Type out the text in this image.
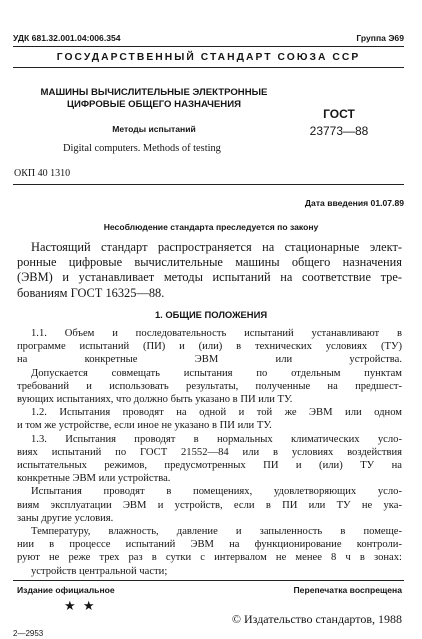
УДК 681.32.001.04:006.354	Группа Э69
ГОСУДАРСТВЕННЫЙ СТАНДАРТ СОЮЗА ССР
МАШИНЫ ВЫЧИСЛИТЕЛЬНЫЕ ЭЛЕКТРОННЫЕ
ЦИФРОВЫЕ ОБЩЕГО НАЗНАЧЕНИЯ
Методы испытаний
Digital computers. Methods of testing
ГОСТ
23773—88
ОКП 40 1310
Дата введения 01.07.89
Несоблюдение стандарта преследуется по закону

Настоящий стандарт распространяется на стационарные элект-

ронные цифровые вычислительные машины общего назначения

(ЭВМ) и устанавливает методы испытаний на соответствие тре-

бованиям ГОСТ 16325—88.

1. ОБЩИЕ ПОЛОЖЕНИЯ

1.1. Объем и последовательность испытаний устанавливают в

программе испытаний (ПИ) и (или) в технических условиях (ТУ)

на конкретные ЭВМ или устройства.

Допускается совмещать испытания по отдельным пунктам

требований и использовать результаты, полученные на предшест-

вующих испытаниях, что должно быть указано в ПИ или ТУ.

1.2. Испытания проводят на одной и той же ЭВМ или одном

и том же устройстве, если иное не указано в ПИ или ТУ.

1.3. Испытания проводят в нормальных климатических усло-

виях испытаний по ГОСТ 21552—84 или в условиях воздействия

испытательных режимов, предусмотренных ПИ и (или) ТУ на

конкретные ЭВМ или устройства.

Испытания проводят в помещениях, удовлетворяющих усло-

виям эксплуатации ЭВМ и устройств, если в ПИ или ТУ не ука-

заны другие условия.

Температуру, влажность, давление и запыленность в помеще-

нии в процессе испытаний ЭВМ на функционирование контроли-

руют не реже трех раз в сутки с интервалом не менее 8 ч в зонах:

устройств центральной части;

Издание официальное	Перепечатка воспрещена
★ ★
© Издательство стандартов, 1988
2—2953
